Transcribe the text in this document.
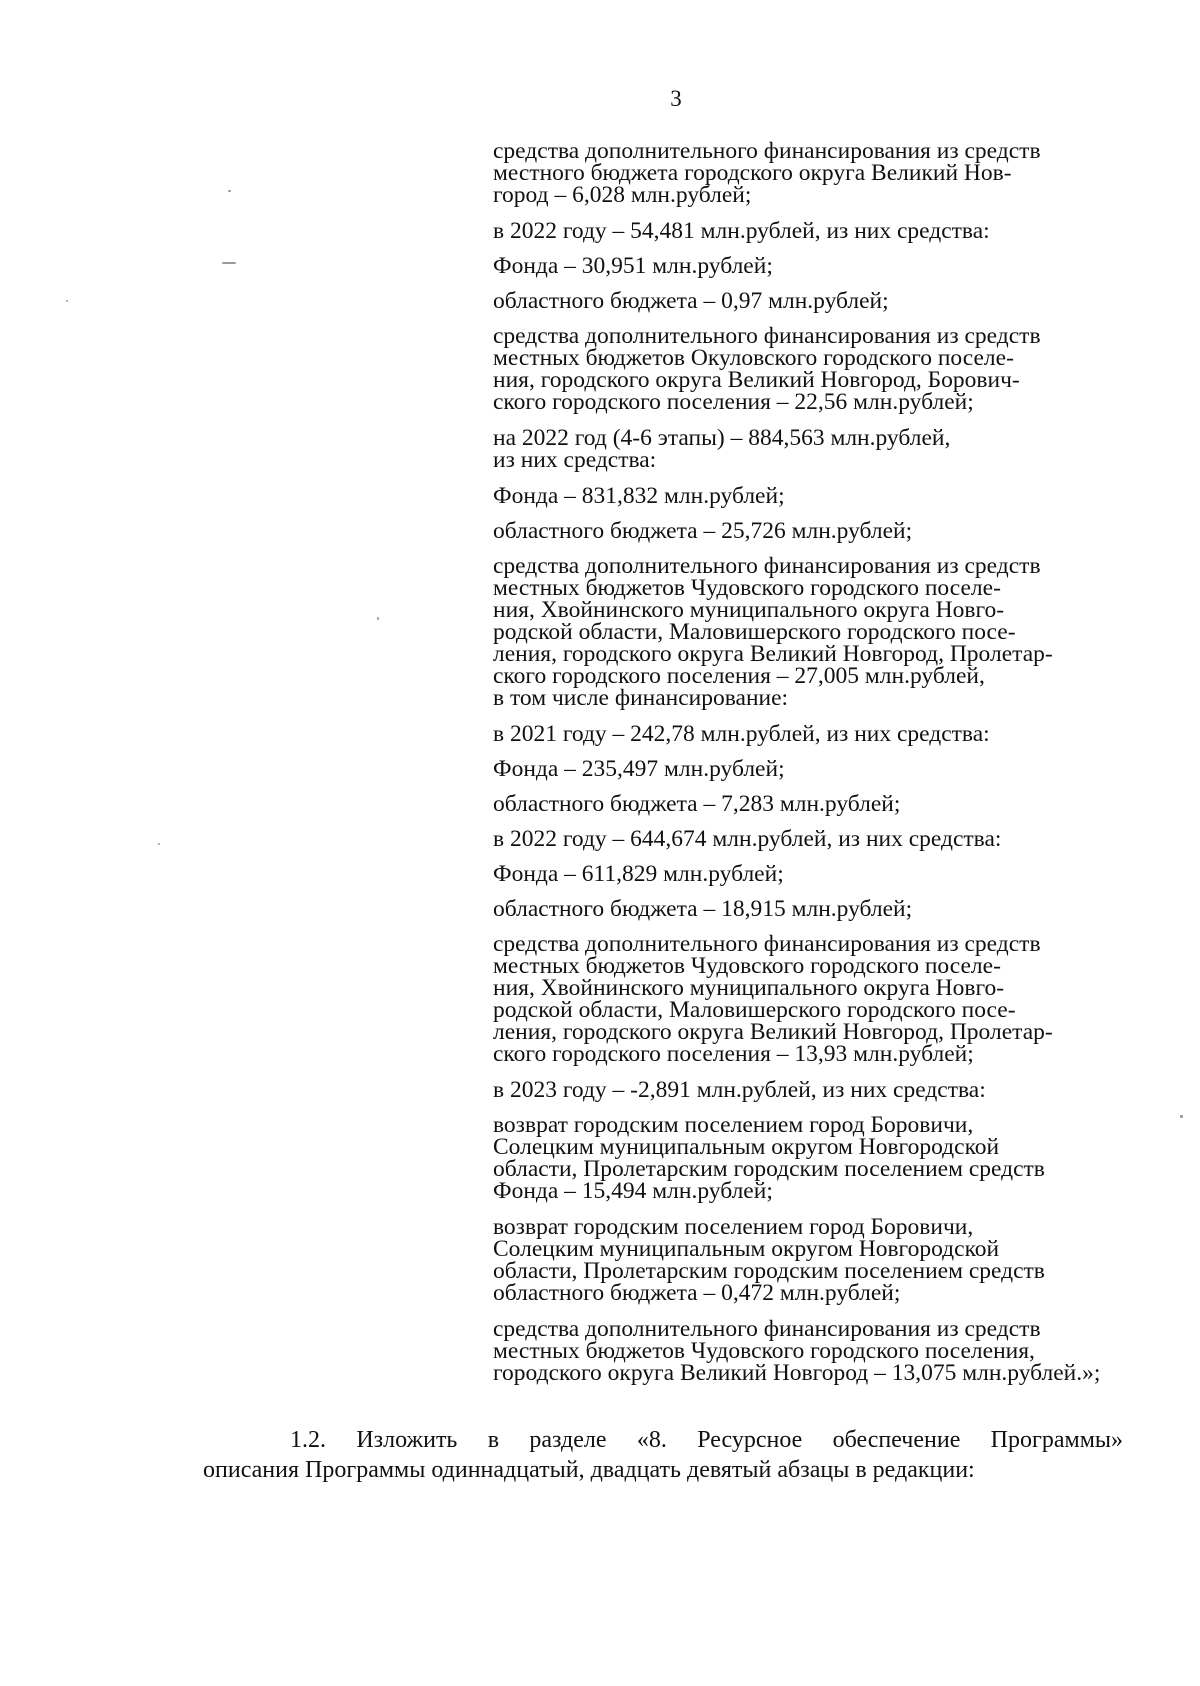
3
средства дополнительного финансирования из средств
местного бюджета городского округа Великий Нов-
город – 6,028 млн.рублей;
в 2022 году – 54,481 млн.рублей, из них средства:
Фонда – 30,951 млн.рублей;
областного бюджета – 0,97 млн.рублей;
средства дополнительного финансирования из средств
местных бюджетов Окуловского городского поселе-
ния, городского округа Великий Новгород, Борович-
ского городского поселения – 22,56 млн.рублей;
на 2022 год (4-6 этапы) – 884,563 млн.рублей,
из них средства:
Фонда – 831,832 млн.рублей;
областного бюджета – 25,726 млн.рублей;
средства дополнительного финансирования из средств
местных бюджетов Чудовского городского поселе-
ния, Хвойнинского муниципального округа Новго-
родской области, Маловишерского городского посе-
ления, городского округа Великий Новгород, Пролетар-
ского городского поселения – 27,005 млн.рублей,
в том числе финансирование:
в 2021 году – 242,78 млн.рублей, из них средства:
Фонда – 235,497 млн.рублей;
областного бюджета – 7,283 млн.рублей;
в 2022 году – 644,674 млн.рублей, из них средства:
Фонда – 611,829 млн.рублей;
областного бюджета – 18,915 млн.рублей;
средства дополнительного финансирования из средств
местных бюджетов Чудовского городского поселе-
ния, Хвойнинского муниципального округа Новго-
родской области, Маловишерского городского посе-
ления, городского округа Великий Новгород, Пролетар-
ского городского поселения – 13,93 млн.рублей;
в 2023 году – -2,891 млн.рублей, из них средства:
возврат городским поселением город Боровичи,
Солецким муниципальным округом Новгородской
области, Пролетарским городским поселением средств
Фонда – 15,494 млн.рублей;
возврат городским поселением город Боровичи,
Солецким муниципальным округом Новгородской
области, Пролетарским городским поселением средств
областного бюджета – 0,472 млн.рублей;
средства дополнительного финансирования из средств
местных бюджетов Чудовского городского поселения,
городского округа Великий Новгород – 13,075 млн.рублей.»;
1.2. Изложить в разделе «8. Ресурсное обеспечение Программы»
описания Программы одиннадцатый, двадцать девятый абзацы в редакции:
